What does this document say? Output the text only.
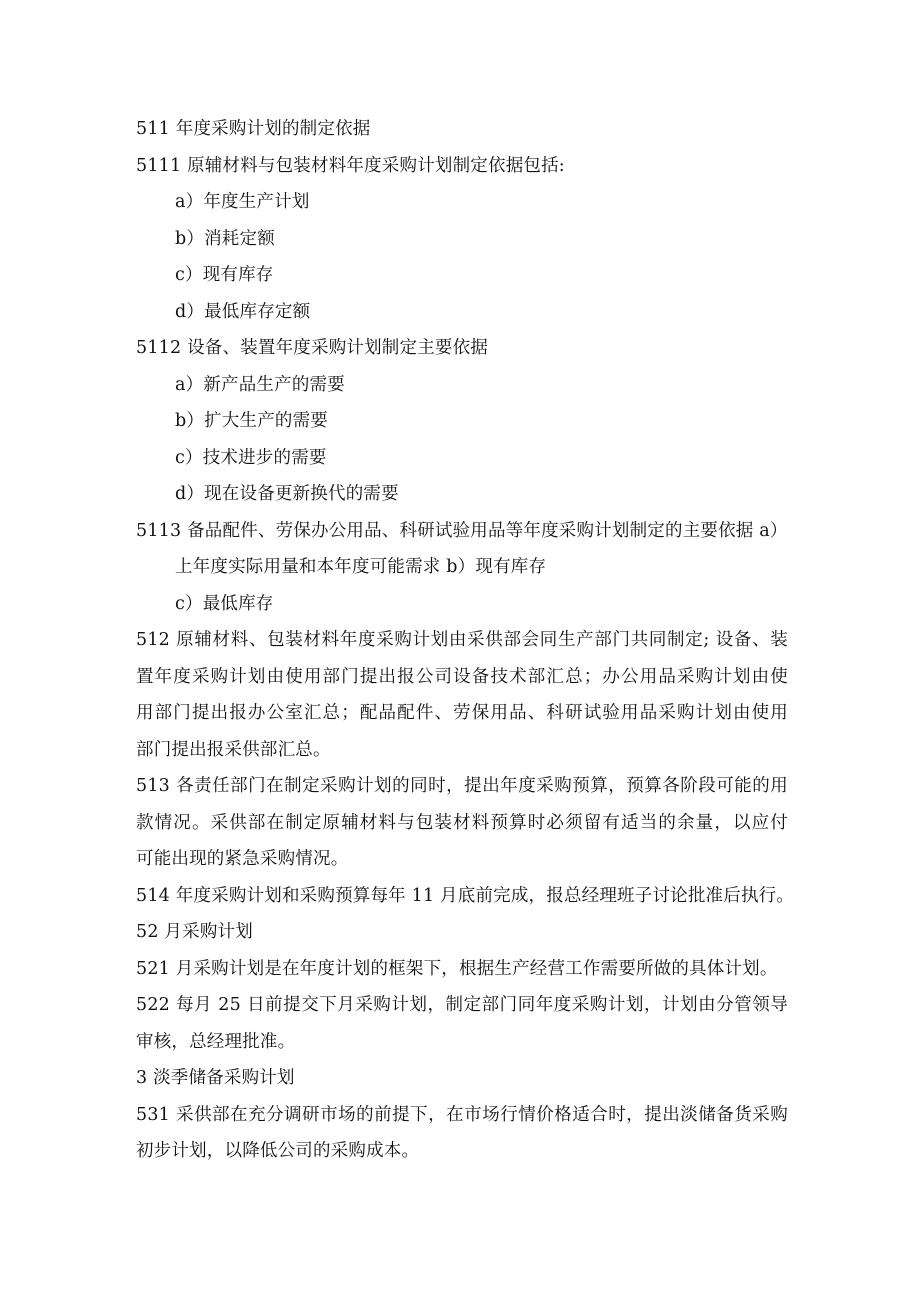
511 年度采购计划的制定依据
5111 原辅材料与包装材料年度采购计划制定依据包括:
a）年度生产计划
b）消耗定额
c）现有库存
d）最低库存定额
5112 设备、装置年度采购计划制定主要依据
a）新产品生产的需要
b）扩大生产的需要
c）技术进步的需要
d）现在设备更新换代的需要
5113 备品配件、劳保办公用品、科研试验用品等年度采购计划制定的主要依据 a）
上年度实际用量和本年度可能需求 b）现有库存
c）最低库存
512 原辅材料、包装材料年度采购计划由采供部会同生产部门共同制定; 设备、装
置年度采购计划由使用部门提出报公司设备技术部汇总；办公用品采购计划由使
用部门提出报办公室汇总；配品配件、劳保用品、科研试验用品采购计划由使用
部门提出报采供部汇总。
513 各责任部门在制定采购计划的同时，提出年度采购预算，预算各阶段可能的用
款情况。采供部在制定原辅材料与包装材料预算时必须留有适当的余量，以应付
可能出现的紧急采购情况。
514 年度采购计划和采购预算每年 11 月底前完成，报总经理班子讨论批准后执行。
52 月采购计划
521 月采购计划是在年度计划的框架下，根据生产经营工作需要所做的具体计划。
522 每月 25 日前提交下月采购计划，制定部门同年度采购计划，计划由分管领导
审核，总经理批准。
3 淡季储备采购计划
531 采供部在充分调研市场的前提下，在市场行情价格适合时，提出淡储备货采购
初步计划，以降低公司的采购成本。
